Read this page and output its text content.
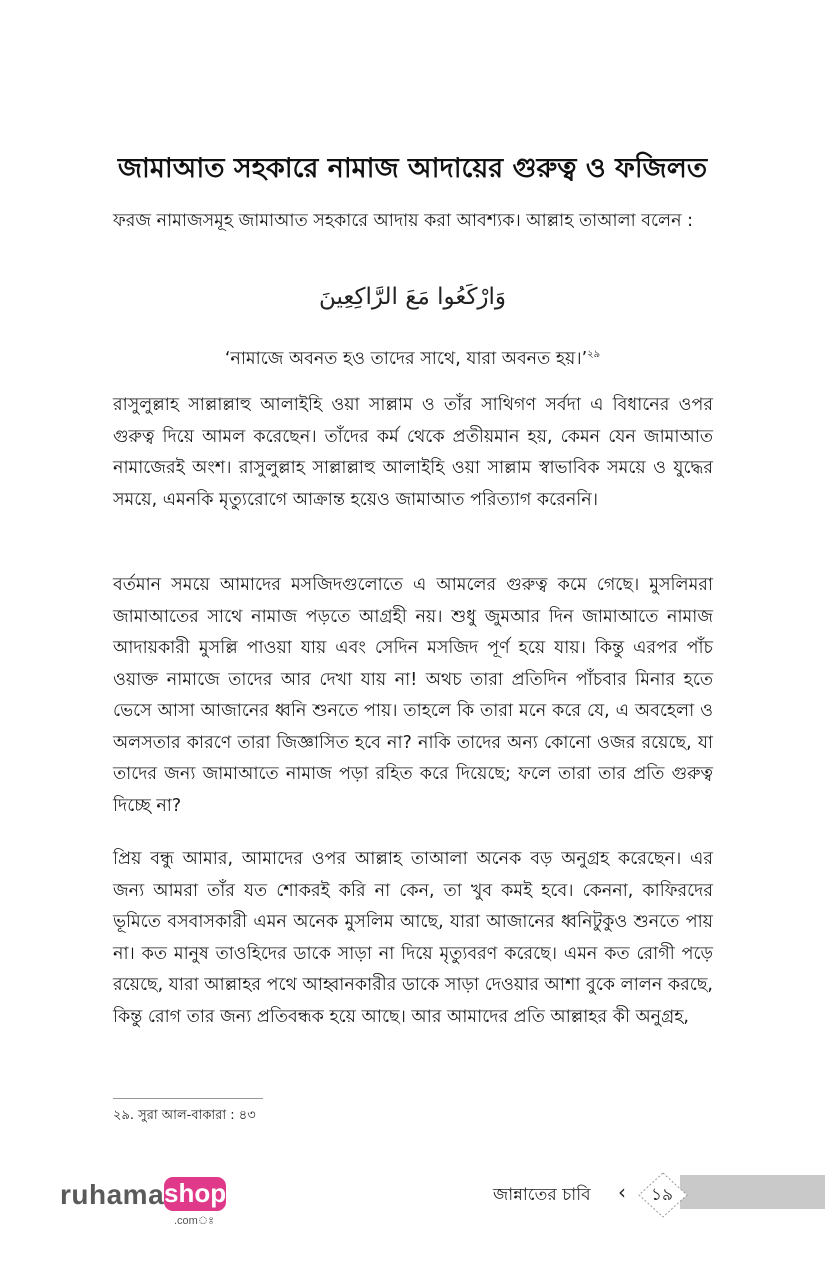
জামাআত সহকারে নামাজ আদায়ের গুরুত্ব ও ফজিলত
ফরজ নামাজসমূহ জামাআত সহকারে আদায় করা আবশ্যক। আল্লাহ তাআলা বলেন :
وَارْكَعُوا مَعَ الرَّاكِعِينَ
‘নামাজে অবনত হও তাদের সাথে, যারা অবনত হয়।’$^{২৯}$
রাসুলুল্লাহ সাল্লাল্লাহু আলাইহি ওয়া সাল্লাম ও তাঁর সাথিগণ সর্বদা এ বিধানের ওপর গুরুত্ব দিয়ে আমল করেছেন। তাঁদের কর্ম থেকে প্রতীয়মান হয়, কেমন যেন জামাআত নামাজেরই অংশ। রাসুলুল্লাহ সাল্লাল্লাহু আলাইহি ওয়া সাল্লাম স্বাভাবিক সময়ে ও যুদ্ধের সময়ে, এমনকি মৃত্যুরোগে আক্রান্ত হয়েও জামাআত পরিত্যাগ করেননি।
বর্তমান সময়ে আমাদের মসজিদগুলোতে এ আমলের গুরুত্ব কমে গেছে। মুসলিমরা জামাআতের সাথে নামাজ পড়তে আগ্রহী নয়। শুধু জুমআর দিন জামাআতে নামাজ আদায়কারী মুসল্লি পাওয়া যায় এবং সেদিন মসজিদ পূর্ণ হয়ে যায়। কিন্তু এরপর পাঁচ ওয়াক্ত নামাজে তাদের আর দেখা যায় না! অথচ তারা প্রতিদিন পাঁচবার মিনার হতে ভেসে আসা আজানের ধ্বনি শুনতে পায়। তাহলে কি তারা মনে করে যে, এ অবহেলা ও অলসতার কারণে তারা জিজ্ঞাসিত হবে না? নাকি তাদের অন্য কোনো ওজর রয়েছে, যা তাদের জন্য জামাআতে নামাজ পড়া রহিত করে দিয়েছে; ফলে তারা তার প্রতি গুরুত্ব দিচ্ছে না?
প্রিয় বন্ধু আমার, আমাদের ওপর আল্লাহ তাআলা অনেক বড় অনুগ্রহ করেছেন। এর জন্য আমরা তাঁর যত শোকরই করি না কেন, তা খুব কমই হবে। কেননা, কাফিরদের ভূমিতে বসবাসকারী এমন অনেক মুসলিম আছে, যারা আজানের ধ্বনিটুকুও শুনতে পায় না। কত মানুষ তাওহিদের ডাকে সাড়া না দিয়ে মৃত্যুবরণ করেছে। এমন কত রোগী পড়ে রয়েছে, যারা আল্লাহর পথে আহ্বানকারীর ডাকে সাড়া দেওয়ার আশা বুকে লালন করছে, কিন্তু রোগ তার জন্য প্রতিবন্ধক হয়ে আছে। আর আমাদের প্রতি আল্লাহর কী অনুগ্রহ,
২৯. সুরা আল-বাকারা : ৪৩
ruhama shop
.comঃ
জান্নাতের চাবি ‹	১৯
